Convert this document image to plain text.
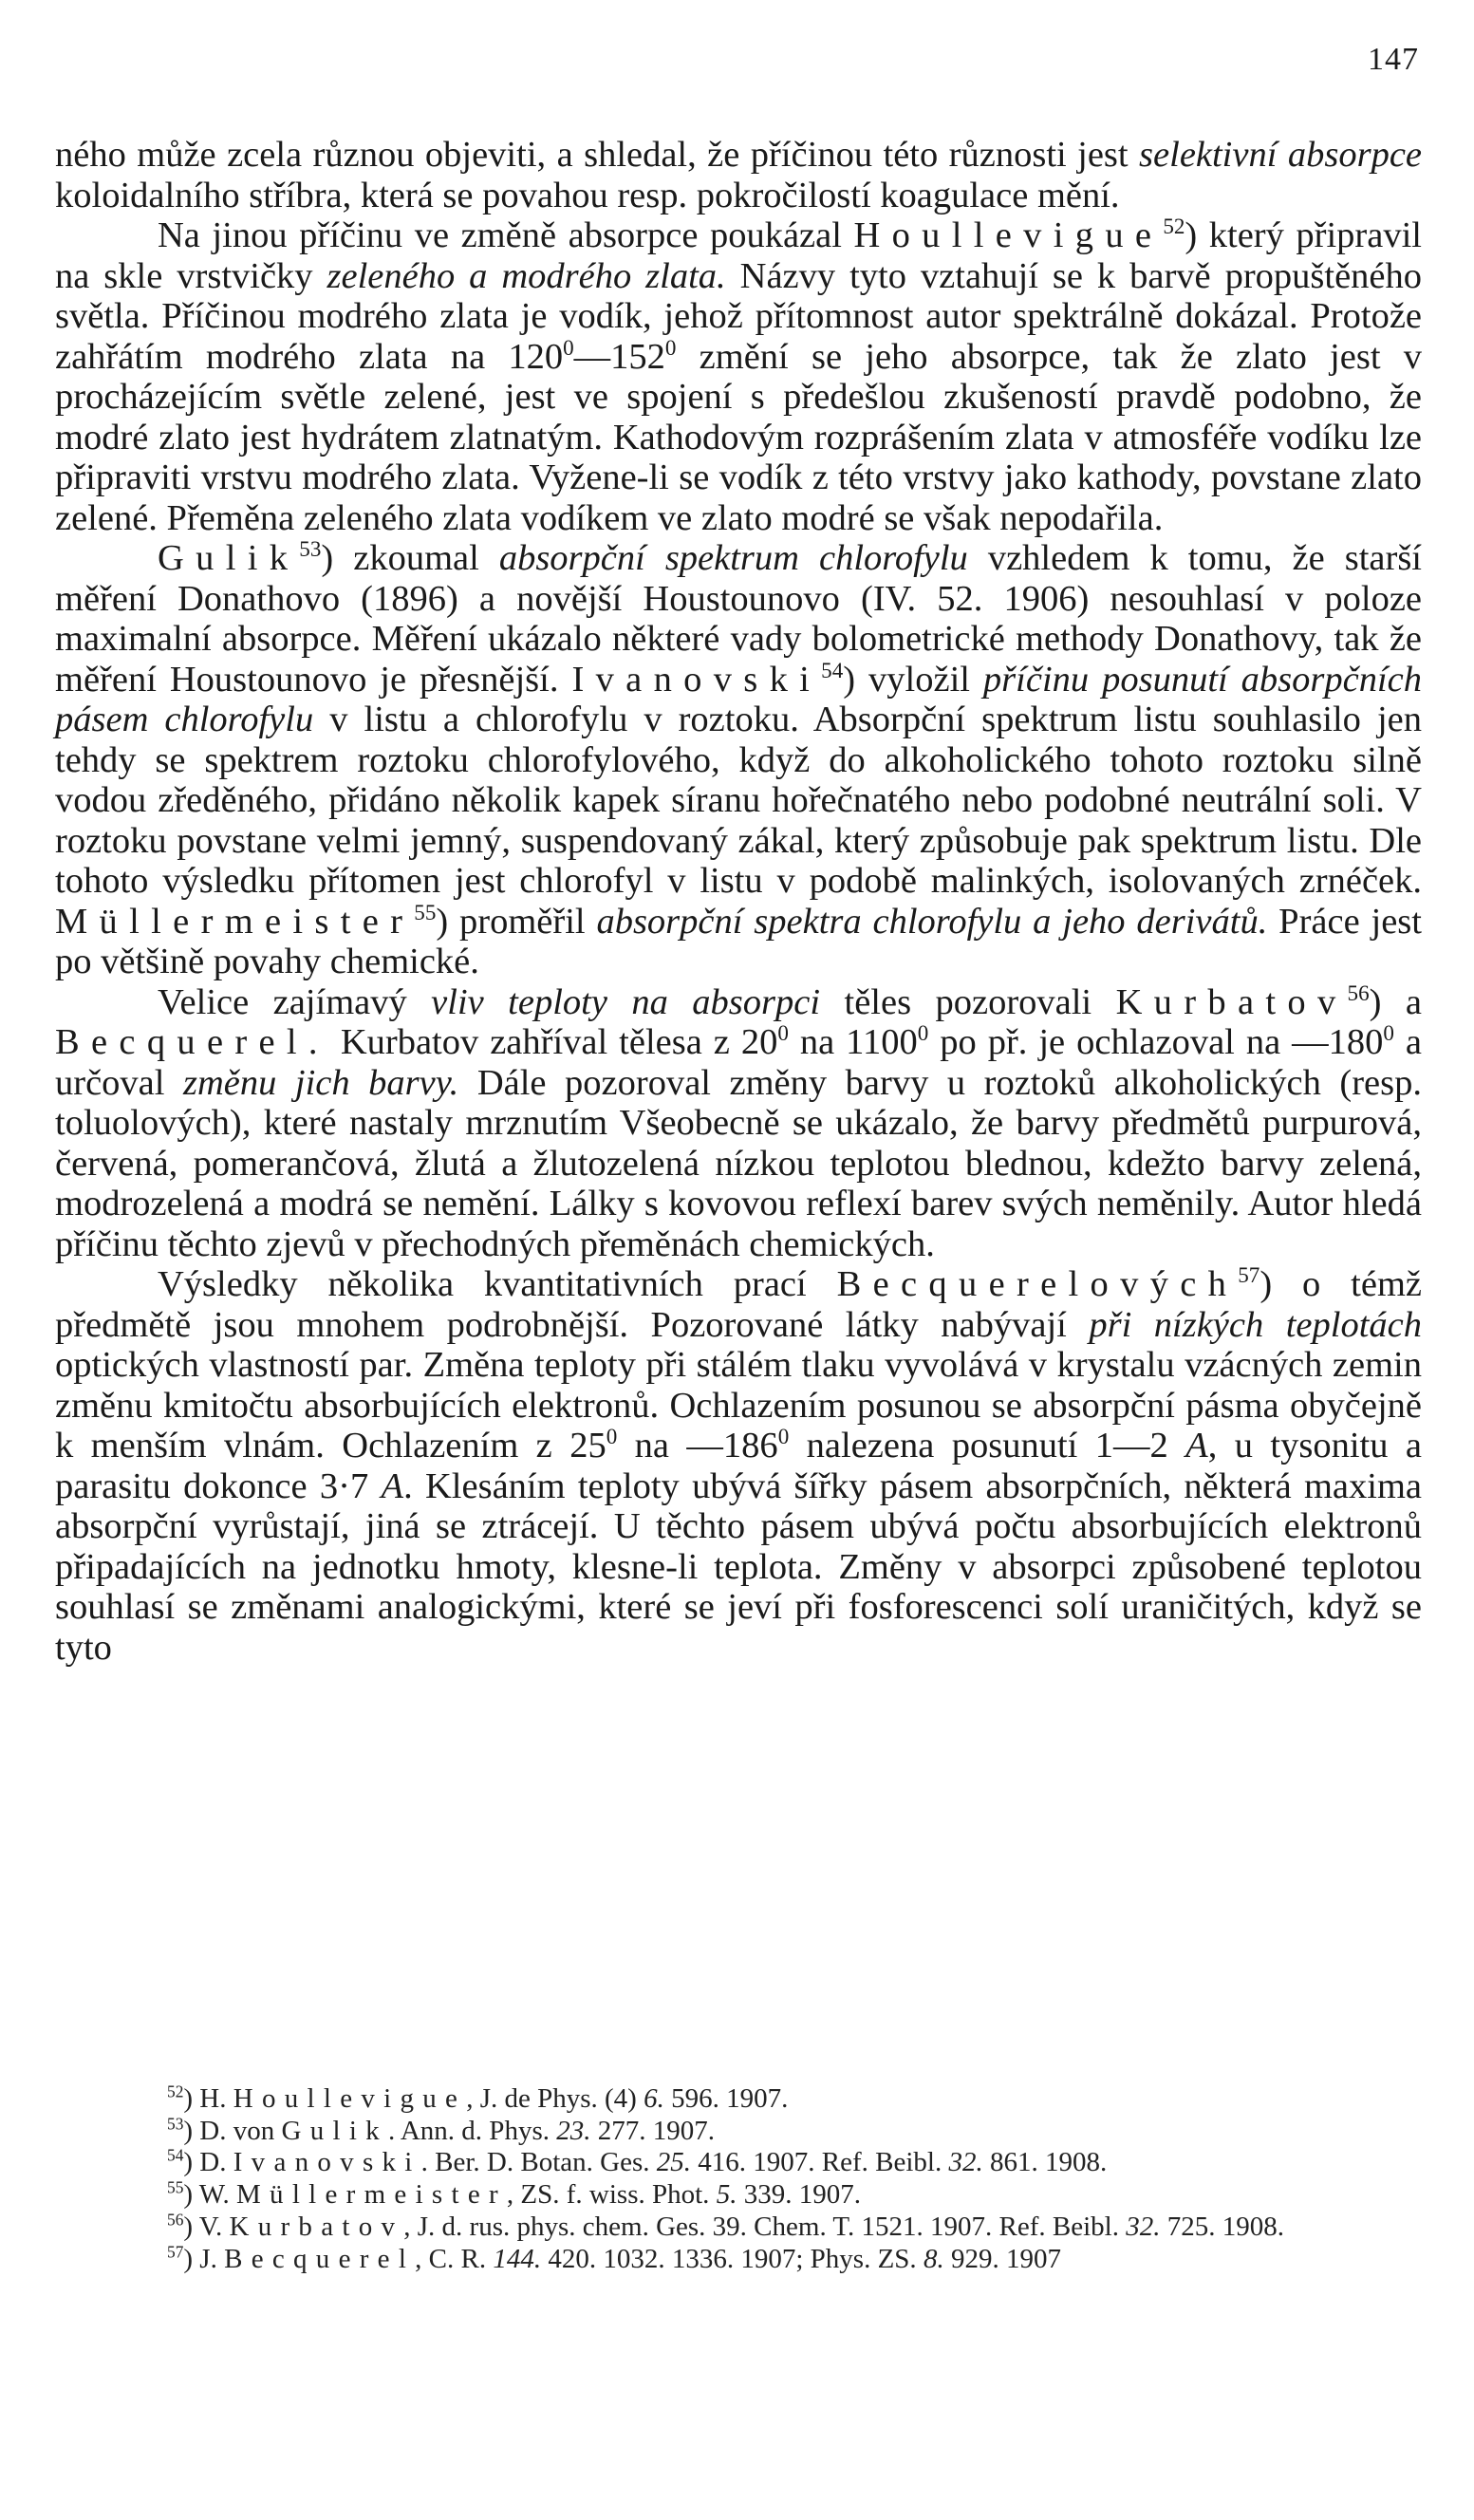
147

ného může zcela různou objeviti, a shledal, že příčinou této různosti jest selektivní absorpce koloidalního stříbra, která se povahou resp. pokročilostí koagulace mění.

Na jinou příčinu ve změně absorpce poukázal Houllevigue$^{52}$) který připravil na skle vrstvičky zeleného a modrého zlata. Názvy tyto vztahují se k barvě propuštěného světla. Příčinou modrého zlata je vodík, jehož přítomnost autor spektrálně dokázal. Protože zahřátím modrého zlata na $120^0—152^0$ změní se jeho absorpce, tak že zlato jest v procházejícím světle zelené, jest ve spojení s předešlou zkušeností pravdě podobno, že modré zlato jest hydrátem zlatnatým. Kathodovým rozprášením zlata v atmosféře vodíku lze připraviti vrstvu modrého zlata. Vyžene-li se vodík z této vrstvy jako kathody, povstane zlato zelené. Přeměna zeleného zlata vodíkem ve zlato modré se však nepodařila.

Gulik$^{53}$) zkoumal absorpční spektrum chlorofylu vzhledem k tomu, že starší měření Donathovo (1896) a novější Houstounovo (IV. 52. 1906) nesouhlasí v poloze maximalní absorpce. Měření ukázalo některé vady bolometrické methody Donathovy, tak že měření Houstounovo je přesnější. Ivanovski$^{54}$) vyložil příčinu posunutí absorpčních pásem chlorofylu v listu a chlorofylu v roztoku. Absorpční spektrum listu souhlasilo jen tehdy se spektrem roztoku chlorofylového, když do alkoholického tohoto roztoku silně vodou zředěného, přidáno několik kapek síranu hořečnatého nebo podobné neutrální soli. V roztoku povstane velmi jemný, suspendovaný zákal, který způsobuje pak spektrum listu. Dle tohoto výsledku přítomen jest chlorofyl v listu v podobě malinkých, isolovaných zrnéček. Müllermeister$^{55}$) proměřil absorpční spektra chlorofylu a jeho derivátů. Práce jest po většině povahy chemické.

Velice zajímavý vliv teploty na absorpci těles pozorovali Kurbatov$^{56}$) a Becquerel. Kurbatov zahříval tělesa z $20^0$ na 1100$^0$ po př. je ochlazoval na $—180^0$ a určoval změnu jich barvy. Dále pozoroval změny barvy u roztoků alkoholických (resp. toluolových), které nastaly mrznutím Všeobecně se ukázalo, že barvy předmětů purpurová, červená, pomerančová, žlutá a žlutozelená nízkou teplotou blednou, kdežto barvy zelená, modrozelená a modrá se nemění. Lálky s kovovou reflexí barev svých neměnily. Autor hledá příčinu těchto zjevů v přechodných přeměnách chemických.

Výsledky několika kvantitativních prací Becquerelových$^{57}$) o témž předmětě jsou mnohem podrobnější. Pozorované látky nabývají při nízkých teplotách optických vlastností par. Změna teploty při stálém tlaku vyvolává v krystalu vzácných zemin změnu kmitočtu absorbujících elektronů. Ochlazením posunou se absorpční pásma obyčejně k menším vlnám. Ochlazením z $25^0$ na $—186^0$ nalezena posunutí 1—2 A, u tysonitu a parasitu dokonce 3·7 A. Klesáním teploty ubývá šířky pásem absorpčních, některá maxima absorpční vyrůstají, jiná se ztrácejí. U těchto pásem ubývá počtu absorbujících elektronů připadajících na jednotku hmoty, klesne-li teplota. Změny v absorpci způsobené teplotou souhlasí se změnami analogickými, které se jeví při fosforescenci solí uraničitých, když se tyto

$^{52}$) H. Houllevigue, J. de Phys. (4) 6. 596. 1907.

$^{53}$) D. von Gulik. Ann. d. Phys. 23. 277. 1907.

$^{54}$) D. Ivanovski. Ber. D. Botan. Ges. 25. 416. 1907. Ref. Beibl. 32. 861. 1908.

$^{55}$) W. Müllermeister, ZS. f. wiss. Phot. 5. 339. 1907.

$^{56}$) V. Kurbatov, J. d. rus. phys. chem. Ges. 39. Chem. T. 1521. 1907. Ref. Beibl. 32. 725. 1908.

$^{57}$) J. Becquerel, C. R. 144. 420. 1032. 1336. 1907; Phys. ZS. 8. 929. 1907
